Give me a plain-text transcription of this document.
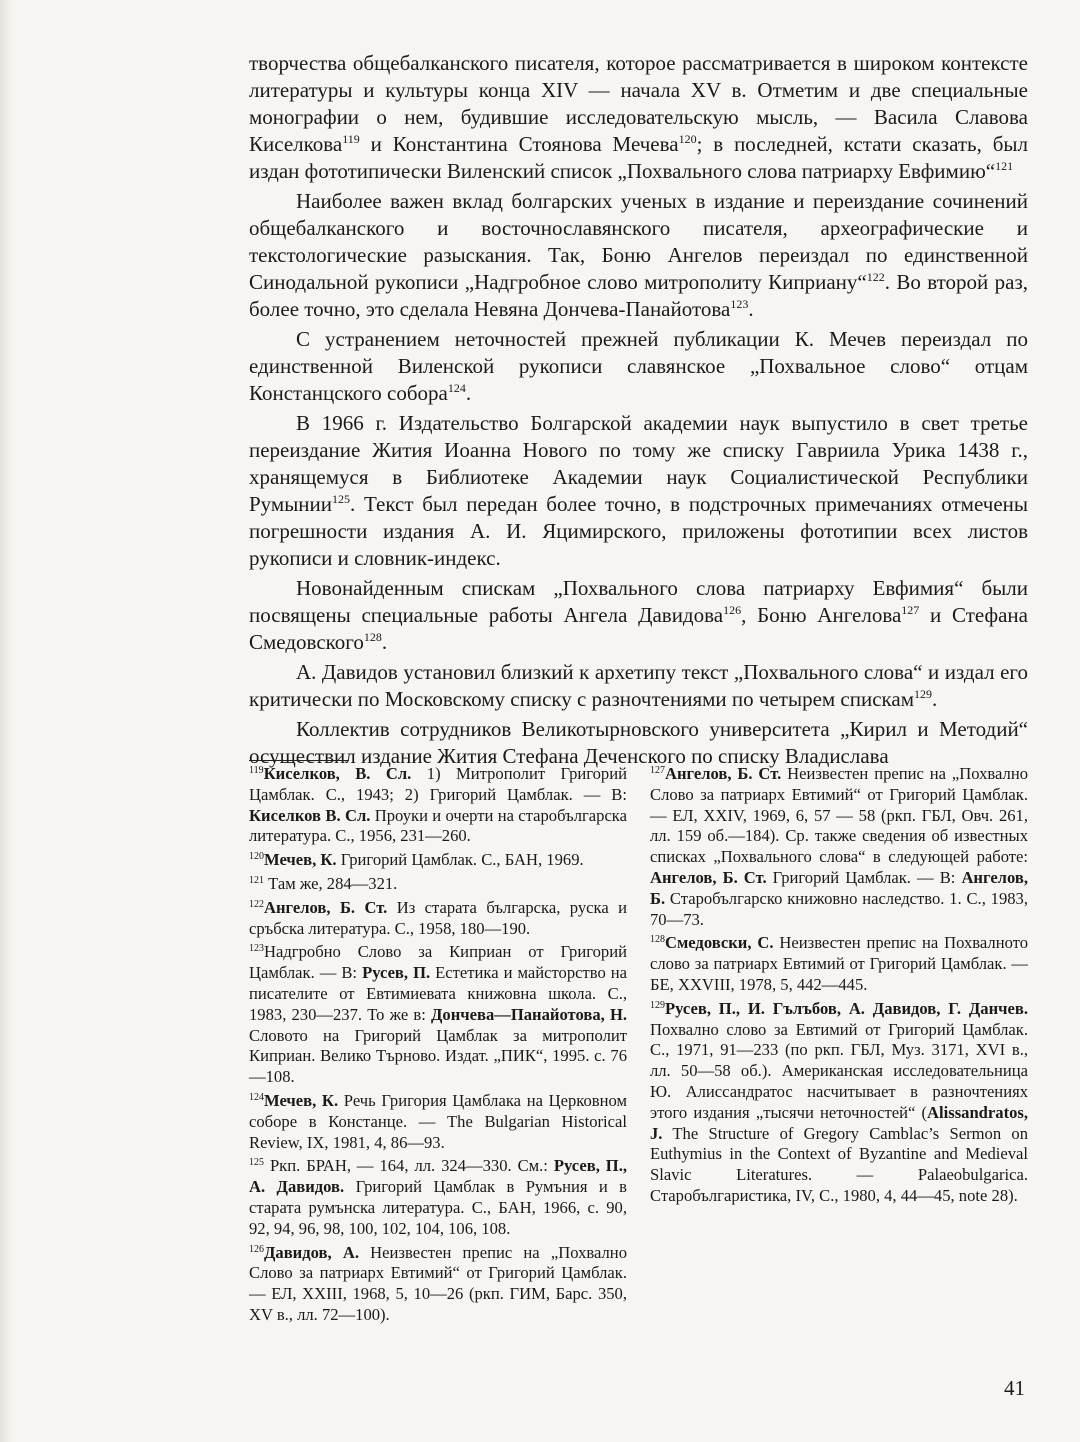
творчества общебалканского писателя, которое рассматривается в широком контексте литературы и культуры конца XIV — начала XV в. Отметим и две специальные монографии о нем, будившие исследовательскую мысль, — Васила Славова Киселкова$^{119}$ и Константина Стоянова Мечева$^{120}$; в последней, кстати сказать, был издан фототипически Виленский список „Похвального слова патриарху Евфимию“$^{121}$

Наиболее важен вклад болгарских ученых в издание и переиздание сочинений общебалканского и восточнославянского писателя, археографические и текстологические разыскания. Так, Боню Ангелов переиздал по единственной Синодальной рукописи „Надгробное слово митрополиту Киприану“$^{122}$. Во второй раз, более точно, это сделала Невяна Дончева-Панайотова$^{123}$.

С устранением неточностей прежней публикации К. Мечев переиздал по единственной Виленской рукописи славянское „Похвальное слово“ отцам Констанцского собора$^{124}$.

В 1966 г. Издательство Болгарской академии наук выпустило в свет третье переиздание Жития Иоанна Нового по тому же списку Гавриила Урика 1438 г., хранящемуся в Библиотеке Академии наук Социалистической Республики Румынии$^{125}$. Текст был передан более точно, в подстрочных примечаниях отмечены погрешности издания А. И. Яцимирского, приложены фототипии всех листов рукописи и словник-индекс.

Новонайденным спискам „Похвального слова патриарху Евфимия“ были посвящены специальные работы Ангела Давидова$^{126}$, Боню Ангелова$^{127}$ и Стефана Смедовского$^{128}$.

А. Давидов установил близкий к архетипу текст „Похвального слова“ и издал его критически по Московскому списку с разночтениями по четырем спискам$^{129}$.

Коллектив сотрудников Великотырновского университета „Кирил и Методий“ осуществил издание Жития Стефана Деченского по списку Владислава

$^{119}$Киселков, В. Сл. 1) Митрополит Григорий Цамблак. С., 1943; 2) Григорий Цамблак. — В: Киселков В. Сл. Проуки и очерти на старобългарска литература. С., 1956, 231—260.

$^{120}$Мечев, К. Григорий Цамблак. С., БАН, 1969.

$^{121}$ Там же, 284—321.

$^{122}$Ангелов, Б. Ст. Из старата българска, руска и сръбска литература. С., 1958, 180—190.

$^{123}$Надгробно Слово за Киприан от Григорий Цамблак. — В: Русев, П. Естетика и майсторство на писателите от Евтимиевата книжовна школа. С., 1983, 230—237. То же в: Дончева—Панайотова, Н. Словото на Григорий Цамблак за митрополит Киприан. Велико Търново. Издат. „ПИК“, 1995. с. 76—108.

$^{124}$Мечев, К. Речь Григория Цамблака на Церковном соборе в Констанце. — The Bulgarian Historical Review, IX, 1981, 4, 86—93.

$^{125}$ Ркп. БРАН, — 164, лл. 324—330. См.: Русев, П., А. Давидов. Григорий Цамблак в Румъния и в старата румънска литература. С., БАН, 1966, с. 90, 92, 94, 96, 98, 100, 102, 104, 106, 108.

$^{126}$Давидов, А. Неизвестен препис на „Похвално Слово за патриарх Евтимий“ от Григорий Цамблак. — ЕЛ, XXIII, 1968, 5, 10—26 (ркп. ГИМ, Барс. 350, XV в., лл. 72—100).

$^{127}$Ангелов, Б. Ст. Неизвестен препис на „Похвално Слово за патриарх Евтимий“ от Григорий Цамблак. — ЕЛ, XXIV, 1969, 6, 57 — 58 (ркп. ГБЛ, Овч. 261, лл. 159 об.—184). Ср. также сведения об известных списках „Похвального слова“ в следующей работе: Ангелов, Б. Ст. Григорий Цамблак. — В: Ангелов, Б. Старобългарско книжовно наследство. 1. С., 1983, 70—73.

$^{128}$Смедовски, С. Неизвестен препис на Похвалното слово за патриарх Евтимий от Григорий Цамблак. — БЕ, XXVIII, 1978, 5, 442—445.

$^{129}$Русев, П., И. Гълъбов, А. Давидов, Г. Данчев. Похвално слово за Евтимий от Григорий Цамблак. С., 1971, 91—233 (по ркп. ГБЛ, Муз. 3171, XVI в., лл. 50—58 об.). Американская исследовательница Ю. Алиссандратос насчитывает в разночтениях этого издания „тысячи неточностей“ (Alissandratos, J. The Structure of Gregory Camblac’s Sermon on Euthymius in the Context of Byzantine and Medieval Slavic Literatures. — Palaeobulgarica. Старобългаристика, IV, С., 1980, 4, 44—45, note 28).

41
